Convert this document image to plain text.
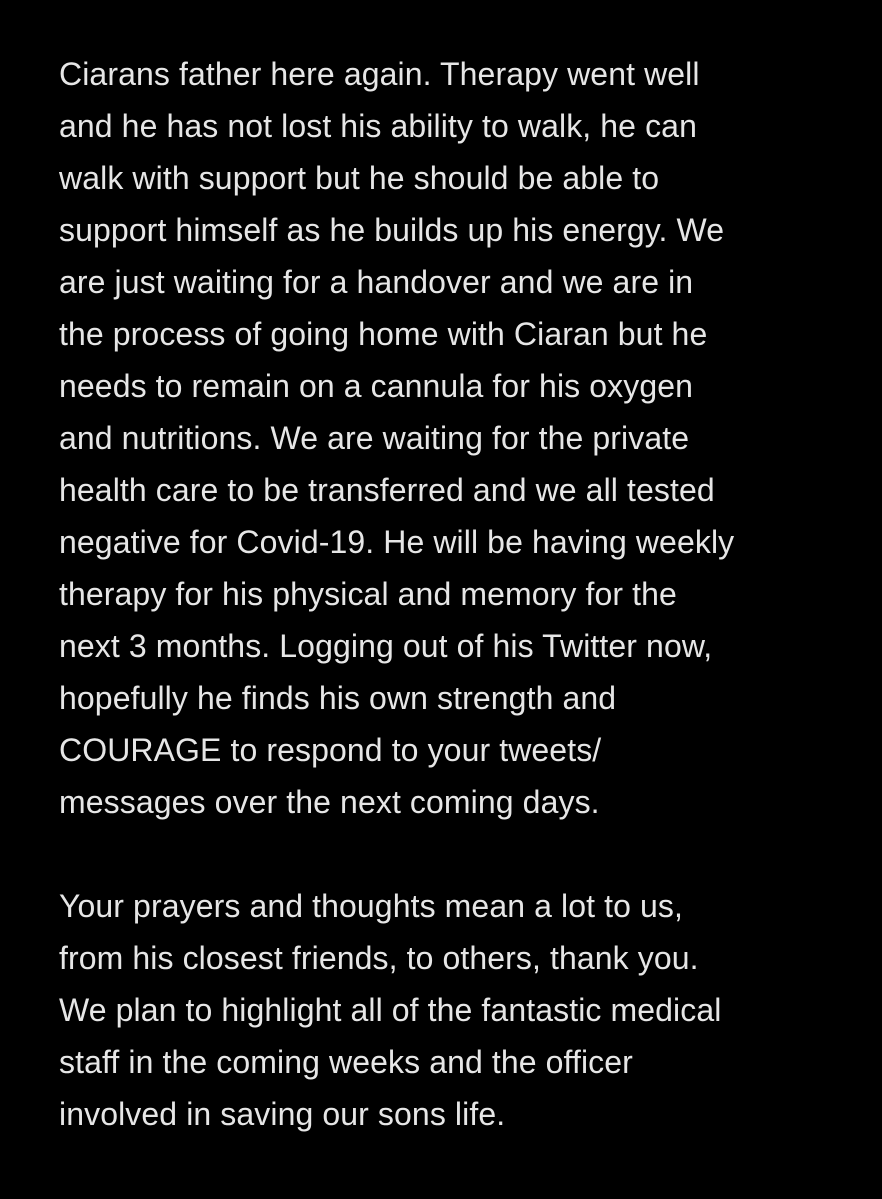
Ciarans father here again. Therapy went well
and he has not lost his ability to walk, he can
walk with support but he should be able to
support himself as he builds up his energy. We
are just waiting for a handover and we are in
the process of going home with Ciaran but he
needs to remain on a cannula for his oxygen
and nutritions. We are waiting for the private
health care to be transferred and we all tested
negative for Covid-19. He will be having weekly
therapy for his physical and memory for the
next 3 months. Logging out of his Twitter now,
hopefully he finds his own strength and
COURAGE to respond to your tweets/
messages over the next coming days.
Your prayers and thoughts mean a lot to us,
from his closest friends, to others, thank you.
We plan to highlight all of the fantastic medical
staff in the coming weeks and the officer
involved in saving our sons life.
